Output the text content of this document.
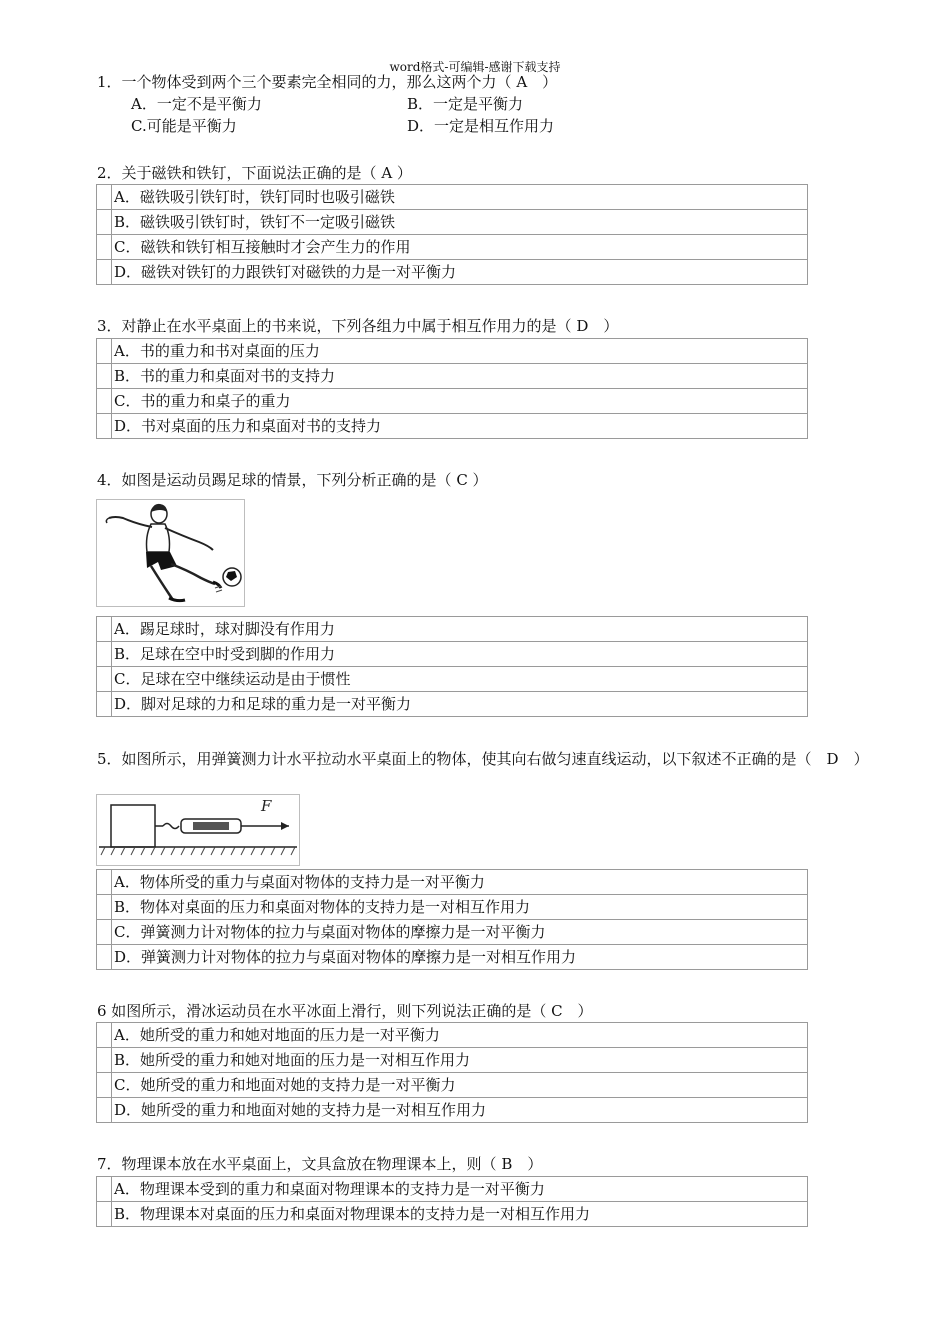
word格式-可编辑-感谢下载支持
1．一个物体受到两个三个要素完全相同的力，那么这两个力（ A　）
A．一定不是平衡力	B．一定是平衡力
C.可能是平衡力	D．一定是相互作用力
2．关于磁铁和铁钉，下面说法正确的是（ A ）
	A．磁铁吸引铁钉时，铁钉同时也吸引磁铁
	B．磁铁吸引铁钉时，铁钉不一定吸引磁铁
	C．磁铁和铁钉相互接触时才会产生力的作用
	D．磁铁对铁钉的力跟铁钉对磁铁的力是一对平衡力
3．对静止在水平桌面上的书来说，下列各组力中属于相互作用力的是（ D　）
	A．书的重力和书对桌面的压力
	B．书的重力和桌面对书的支持力
	C．书的重力和桌子的重力
	D．书对桌面的压力和桌面对书的支持力
4．如图是运动员踢足球的情景，下列分析正确的是（ C ）
	A．踢足球时，球对脚没有作用力
	B．足球在空中时受到脚的作用力
	C．足球在空中继续运动是由于惯性
	D．脚对足球的力和足球的重力是一对平衡力
5．如图所示，用弹簧测力计水平拉动水平桌面上的物体，使其向右做匀速直线运动，以下叙述不正确的是（　D　）
F
	A．物体所受的重力与桌面对物体的支持力是一对平衡力
	B．物体对桌面的压力和桌面对物体的支持力是一对相互作用力
	C．弹簧测力计对物体的拉力与桌面对物体的摩擦力是一对平衡力
	D．弹簧测力计对物体的拉力与桌面对物体的摩擦力是一对相互作用力
6 如图所示，滑冰运动员在水平冰面上滑行，则下列说法正确的是（ C　）
	A．她所受的重力和她对地面的压力是一对平衡力
	B．她所受的重力和她对地面的压力是一对相互作用力
	C．她所受的重力和地面对她的支持力是一对平衡力
	D．她所受的重力和地面对她的支持力是一对相互作用力
7．物理课本放在水平桌面上，文具盒放在物理课本上，则（ B　）
	A．物理课本受到的重力和桌面对物理课本的支持力是一对平衡力
	B．物理课本对桌面的压力和桌面对物理课本的支持力是一对相互作用力
